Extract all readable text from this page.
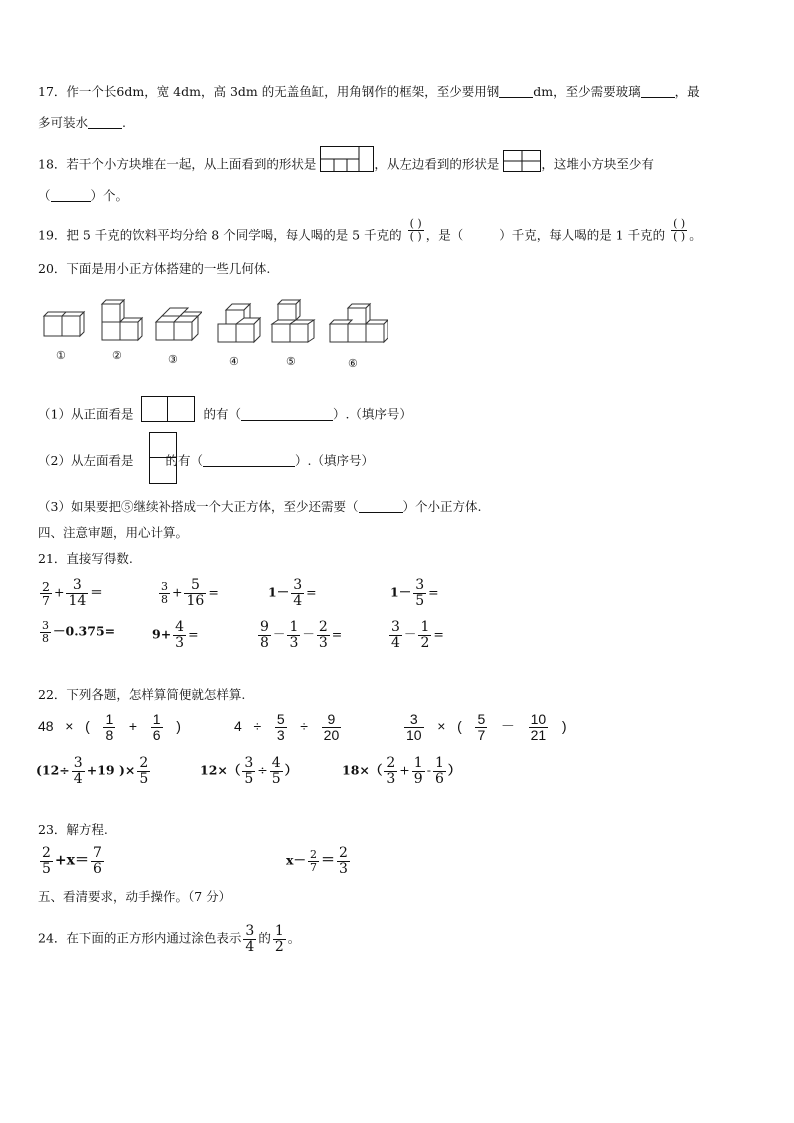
17．作一个长6dm，宽 4dm，高 3dm 的无盖鱼缸，用角钢作的框架，至少要用钢	dm，至少需要玻璃	，最
多可装水	.
18．若干个小方块堆在一起，从上面看到的形状是	，从左边看到的形状是	，这堆小方块至少有
（	）个。
19．把 5 千克的饮料平均分给 8 个同学喝，每人喝的是 5 千克的 $\frac{( )}{( )}$ ，是（	）千克，每人喝的是 1 千克的 $\frac{( )}{( )}$ 。
20．下面是用小正方体搭建的一些几何体.
①	②	③	④	⑤	⑥
（1）从正面看是	的有（	）.（填序号）
（2）从左面看是	的有（	）.（填序号）
（3）如果要把⑤继续补搭成一个大正方体，至少还需要（	）个小正方体.
四、注意审题，用心计算。
21．直接写得数.
$\frac{2}{7} + \frac{3}{14}$ ＝	$\frac{3}{8} + \frac{5}{16}$ =	$1- \frac{3}{4}$ =	$1- \frac{3}{5}$ =
$\frac{3}{8} -0.375=$	$9+ \frac{4}{3}$ =	$\frac{9}{8} - \frac{1}{3} - \frac{2}{3}$ =	$\frac{3}{4} - \frac{1}{2}$ =
22．下列各题，怎样算简便就怎样算.
48 × ( $\frac{1}{8} + \frac{1}{6}$ )	$4 \div \frac{5}{3} \div \frac{9}{20}$	$\frac{3}{10}$ × ( $\frac{5}{7} - \frac{10}{21}$ )
($12\div \frac{3}{4} +19$ )× $\frac{2}{5}$	$12\times( \frac{3}{5} \div \frac{4}{5}$ ）	$18\times( \frac{2}{3} + \frac{1}{9} - \frac{1}{6}$ ）
23．解方程.
$\frac{2}{5} +x= \frac{7}{6}$	$x- \frac{2}{7} = \frac{2}{3}$
五、看清要求，动手操作。（7 分）
24．在下面的正方形内通过涂色表示 $\frac{3}{4}$ 的 $\frac{1}{2}$ 。
